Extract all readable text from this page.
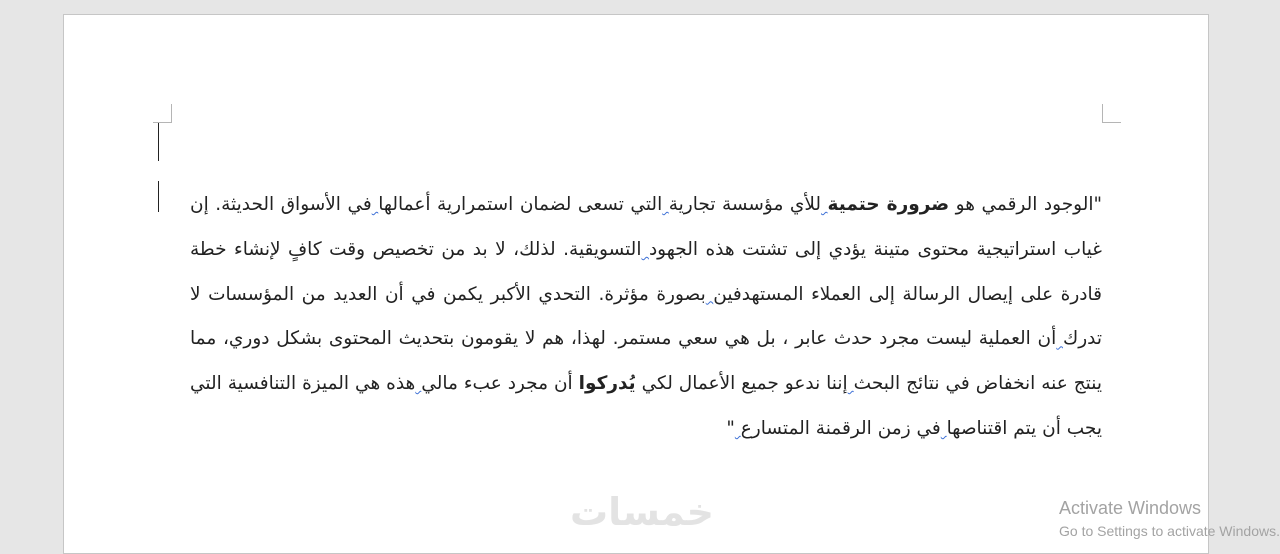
"الوجود الرقمي هو ضرورة حتمية للأي مؤسسة تجارية التي تسعى لضمان استمرارية أعمالها في الأسواق الحديثة. إن غياب استراتيجية محتوى متينة يؤدي إلى تشتت هذه الجهود التسويقية. لذلك، لا بد من تخصيص وقت كافٍ لإنشاء خطة قادرة على إيصال الرسالة إلى العملاء المستهدفين بصورة مؤثرة. التحدي الأكبر يكمن في أن العديد من المؤسسات لا تدرك أن العملية ليست مجرد حدث عابر ، بل هي سعي مستمر. لهذا، هم لا يقومون بتحديث المحتوى بشكل دوري، مما ينتج عنه انخفاض في نتائج البحث إننا ندعو جميع الأعمال لكي يُدركوا أن مجرد عبء مالي هذه هي الميزة التنافسية التي يجب أن يتم اقتناصها في زمن الرقمنة المتسارع "
خمسات	Activate Windows
Go to Settings to activate Windows.
